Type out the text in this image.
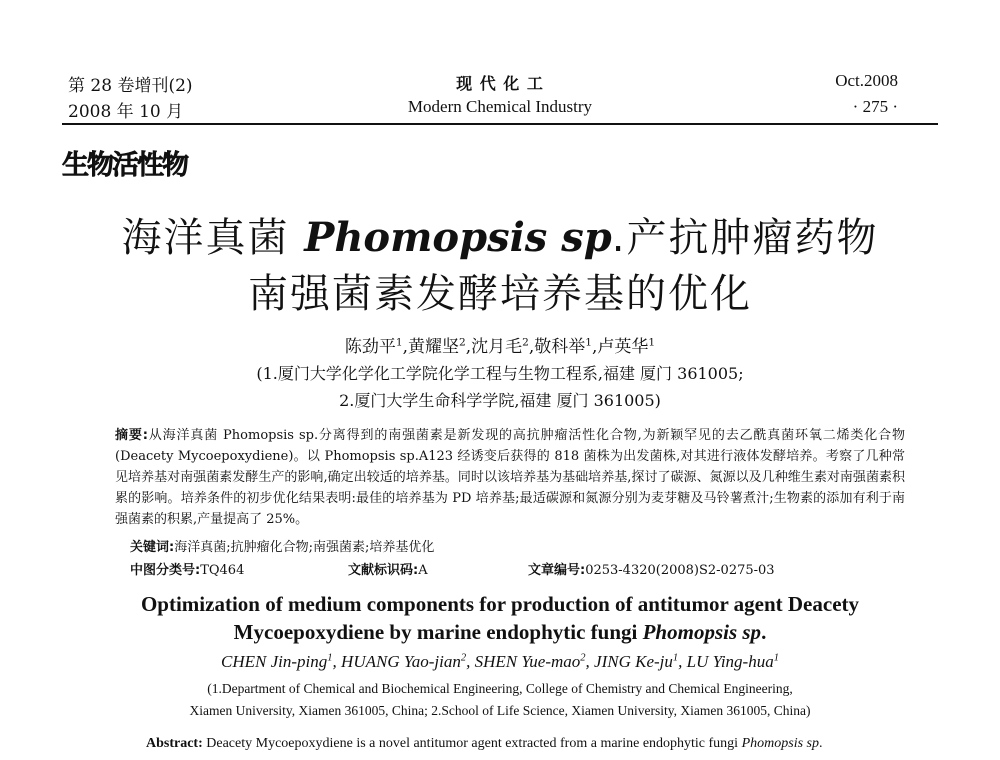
第 28 卷增刊(2)
2008 年 10 月
现 代 化 工
Modern Chemical Industry
Oct.2008
· 275 ·
生物活性物
海洋真菌 Phomopsis sp.产抗肿瘤药物
南强菌素发酵培养基的优化
陈劲平$^1$,黄耀坚$^2$,沈月毛$^2$,敬科举$^1$,卢英华$^1$
(1.厦门大学化学化工学院化学工程与生物工程系,福建 厦门 361005;
2.厦门大学生命科学学院,福建 厦门 361005)
摘要:从海洋真菌 Phomopsis sp.分离得到的南强菌素是新发现的高抗肿瘤活性化合物,为新颖罕见的去乙酰真菌环氧二烯类化合物(Deacety Mycoepoxydiene)。以 Phomopsis sp.A123 经诱变后获得的 818 菌株为出发菌株,对其进行液体发酵培养。考察了几种常见培养基对南强菌素发酵生产的影响,确定出较适的培养基。同时以该培养基为基础培养基,探讨了碳源、氮源以及几种维生素对南强菌素积累的影响。培养条件的初步优化结果表明:最佳的培养基为 PD 培养基;最适碳源和氮源分别为麦芽糖及马铃薯煮汁;生物素的添加有利于南强菌素的积累,产量提高了 25%。
关键词:海洋真菌;抗肿瘤化合物;南强菌素;培养基优化
中图分类号:TQ464	文献标识码:A	文章编号:0253-4320(2008)S2-0275-03
Optimization of medium components for production of antitumor agent Deacety
Mycoepoxydiene by marine endophytic fungi Phomopsis sp.
CHEN Jin-ping$^1$, HUANG Yao-jian$^2$, SHEN Yue-mao$^2$, JING $Ke-ju^1$, LU Ying-hua$^1$
(1.Department of Chemical and Biochemical Engineering, College of Chemistry and Chemical Engineering,
Xiamen University, Xiamen 361005, China; 2.School of Life Science, Xiamen University, Xiamen 361005, China)
Abstract: Deacety Mycoepoxydiene is a novel antitumor agent extracted from a marine endophytic fungi Phomopsis sp.
